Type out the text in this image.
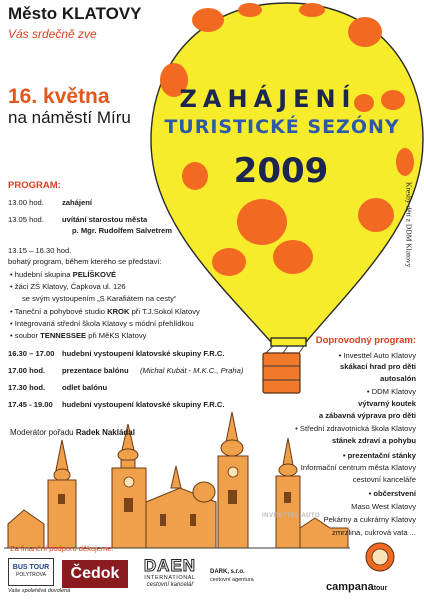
Město KLATOVY
Vás srdečně zve
16. května
na náměstí Míru
ZAHÁJENÍ
TURISTICKÉ SEZÓNY
2009
Kresby dětí z DDM Klatovy
PROGRAM:
13.00 hod. zahájení
13.05 hod. uvítání starostou města
p. Mgr. Rudolfem Salvetrem
13.15 – 16.30 hod.
bohatý program, během kterého se představí:
• hudební skupina PELÍŠKOVÉ
• žáci ZŠ Klatovy, Čapkova ul. 126
se svým vystoupením „S Karafiátem na cesty“
• Taneční a pohybové studio KROK při T.J.Sokol Klatovy
• Integrovaná střední škola Klatovy s módní přehlídkou
• soubor TENNESSEE při MěKS Klatovy
16.30 – 17.00 hudební vystoupení klatovské skupiny F.R.C.
17.00 hod. prezentace balónu (Michal Kubát - M.K.C., Praha)
17.30 hod. odlet balónu
17.45 - 19.00 hudební vystoupení klatovské skupiny F.R.C.
Moderátor pořadu Radek Nakládal
Doprovodný program:
• Investtel Auto Klatovy
skákací hrad pro děti
autosalón
• DDM Klatovy
výtvarný koutek
a zábavná výprava pro děti
• Střední zdravotnická škola Klatovy
stánek zdraví a pohybu
• prezentační stánky
Informační centrum města Klatovy
cestovní kanceláře
• občerstvení
Maso West Klatovy
Pekárny a cukrárny Klatovy
zmrzlina, cukrová vata ...
INVESTTEL AUTO
Za finanční podporu děkujeme:
BUS TOUR
POLYTROVA
Vaše spolehlivá dovolená
Čedok	DAEN
INTERNATIONAL
cestovní kancelář
DARK, s.r.o.
cestovní agentura
campanatour
